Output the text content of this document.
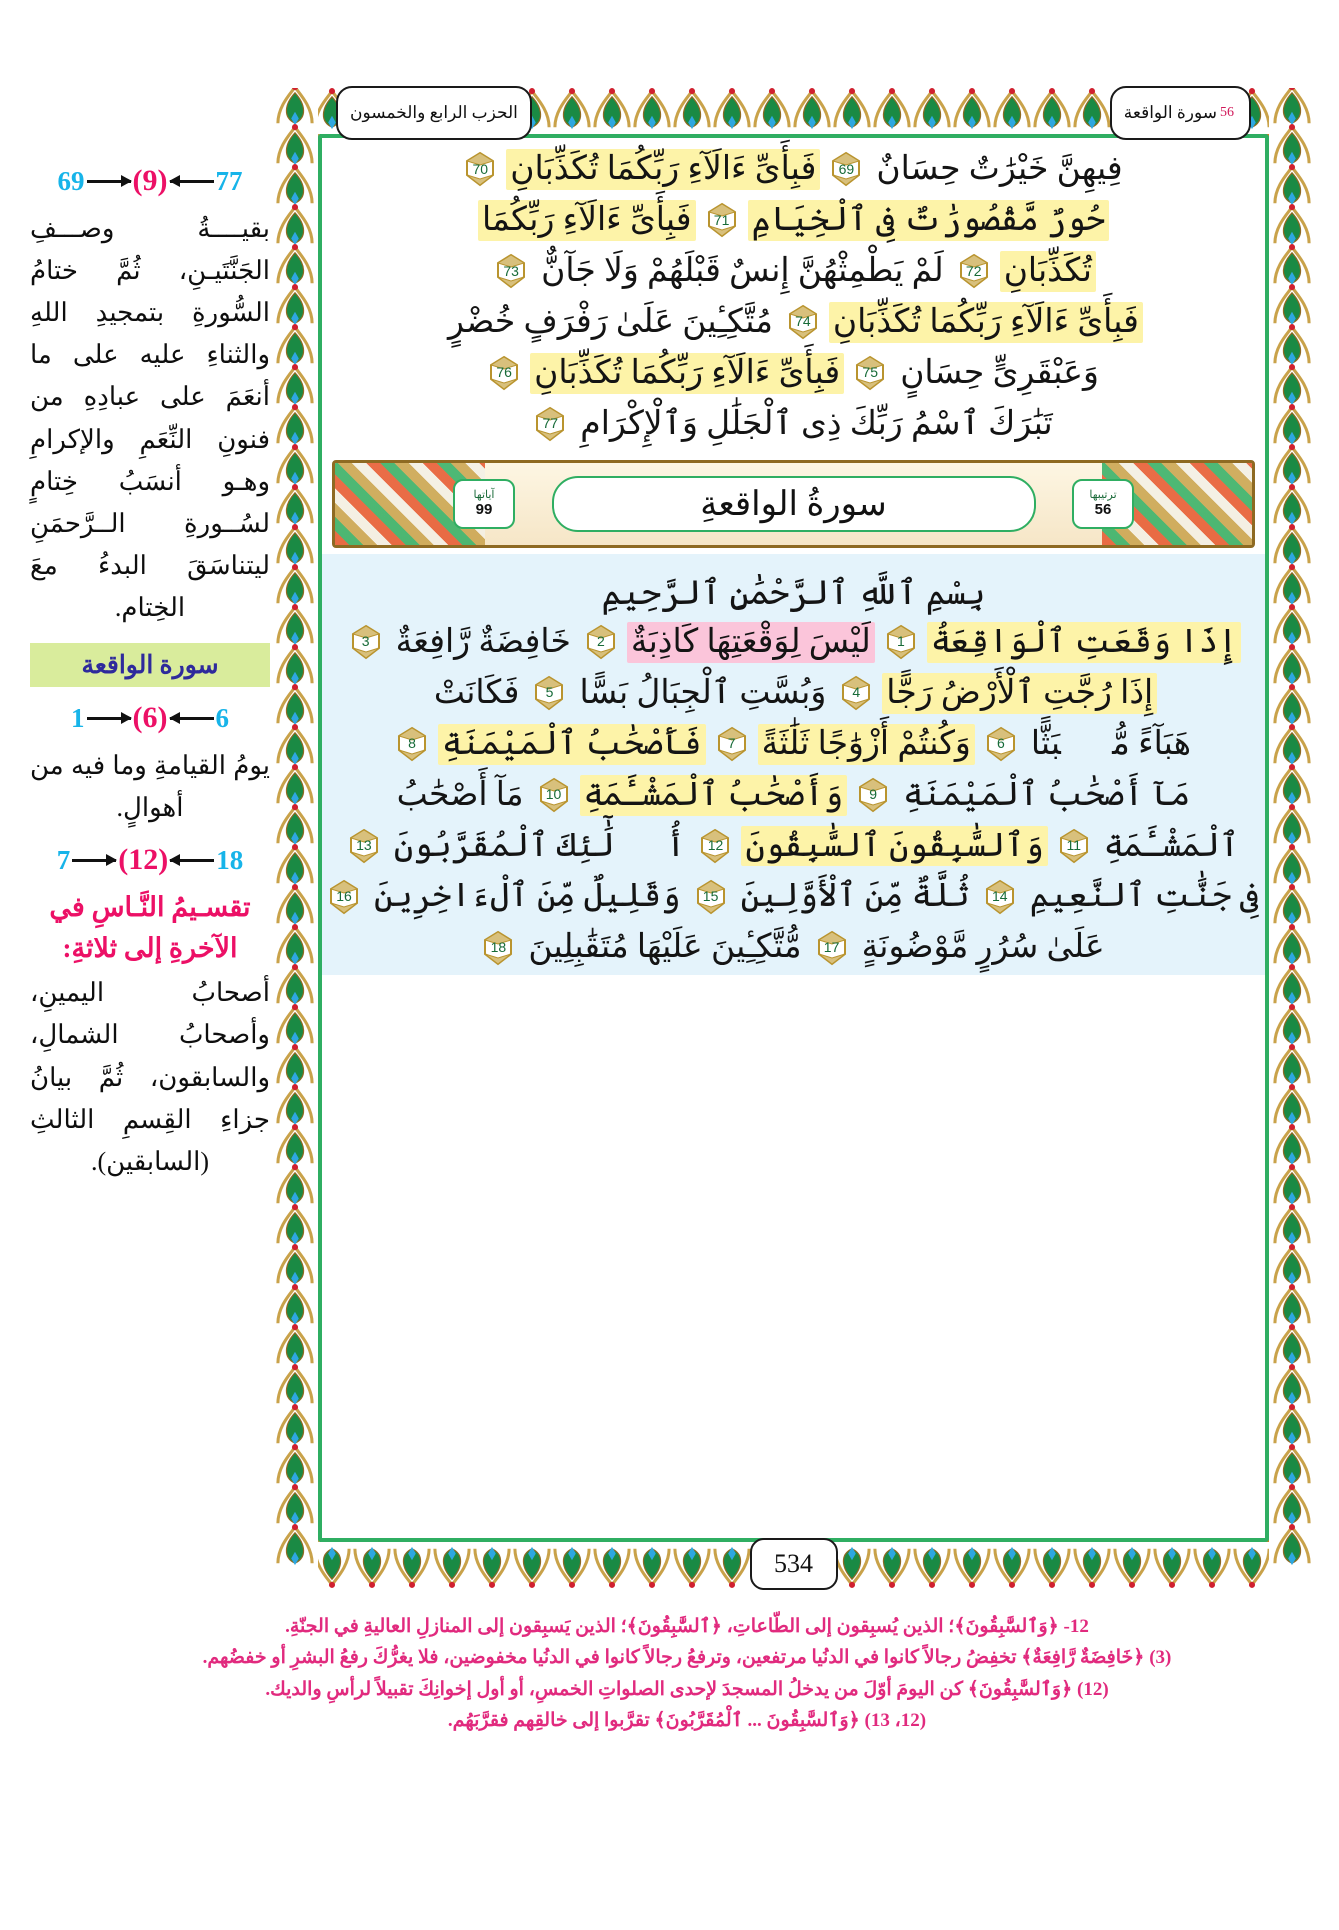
77
(9)
69

بقيــــةُ وصـــفِ الجَنَّتَيـنِ، ثُمَّ ختامُ السُّورةِ بتمجيدِ اللهِ والثناءِ عليه على ما أنعَمَ على عبادِهِ من فنونِ النِّعَمِ والإكرامِ وهـو أنسَبُ خِتامٍ لسُــورةِ الــرَّحمَنِ ليتناسَقَ البدءُ معَ الخِتام.

سورة الواقعة
6
(6)
1

يومُ القيامةِ وما فيه من أهوالٍ.

18
(12)
7
تقسـيمُ النَّـاسِ في الآخرةِ إلى ثلاثةِ:

أصحابُ اليمينِ، وأصحابُ الشمالِ، والسابقون، ثُمَّ بيانُ جزاءِ القِسمِ الثالثِ (السابقين).

الحزب الرابع والخمسون	56
سورة الواقعة
534
فِيهِنَّ خَيْرَٰتٌ حِسَانٌ
69
فَبِأَىِّ ءَالَآءِ رَبِّكُمَا تُكَذِّبَانِ
70
حُورٌ مَّقْصُورَٰتٌ فِى ٱلْخِيَامِ
71
فَبِأَىِّ ءَالَآءِ رَبِّكُمَا
تُكَذِّبَانِ
72
لَمْ يَطْمِثْهُنَّ إِنسٌ قَبْلَهُمْ وَلَا جَآنٌّ
73
فَبِأَىِّ ءَالَآءِ رَبِّكُمَا تُكَذِّبَانِ
74
مُتَّكِـِٔينَ عَلَىٰ رَفْرَفٍ خُضْرٍ
وَعَبْقَرِىٍّ حِسَانٍ
75
فَبِأَىِّ ءَالَآءِ رَبِّكُمَا تُكَذِّبَانِ
76
تَبَٰرَكَ ٱسْمُ رَبِّكَ ذِى ٱلْجَلَٰلِ وَٱلْإِكْرَامِ
77
ترتيبها
56
آياتها
99	سورةُ الواقعةِ
بِسْمِ ٱللَّهِ ٱلرَّحْمَٰنِ ٱلرَّحِيمِ
إِذَا وَقَعَتِ ٱلْوَاقِعَةُ
1
لَيْسَ لِوَقْعَتِهَا كَاذِبَةٌ
2
خَافِضَةٌ رَّافِعَةٌ
3
إِذَا رُجَّتِ ٱلْأَرْضُ رَجًّا
4
وَبُسَّتِ ٱلْجِبَالُ بَسًّا
5
فَكَانَتْ
هَبَآءً مُّنۢبَثًّا
6
وَكُنتُمْ أَزْوَٰجًا ثَلَٰثَةً
7
فَأَصْحَٰبُ ٱلْمَيْمَنَةِ
8
مَآ أَصْحَٰبُ ٱلْمَيْمَنَةِ
9
وَأَصْحَٰبُ ٱلْمَشْـَٔمَةِ
10
مَآ أَصْحَٰبُ
ٱلْمَشْـَٔمَةِ
11
وَٱلسَّٰبِقُونَ ٱلسَّٰبِقُونَ
12
أُو۟لَٰٓئِكَ ٱلْمُقَرَّبُونَ
13
فِى جَنَّٰتِ ٱلنَّعِيمِ
14
ثُلَّةٌ مِّنَ ٱلْأَوَّلِينَ
15
وَقَلِيلٌ مِّنَ ٱلْءَاخِرِينَ
16
عَلَىٰ سُرُرٍ مَّوْضُونَةٍ
17
مُّتَّكِـِٔينَ عَلَيْهَا مُتَقَٰبِلِينَ
18
12- ﴿وَٱلسَّٰبِقُونَ﴾؛ الذين يُسبِقون إلى الطّاعاتِ، ﴿ٱلسَّٰبِقُونَ﴾؛ الذين يَسبِقون إلى المنازلِ العاليةِ في الجنّةِ.
(3) ﴿خَافِضَةٌ رَّافِعَةٌ﴾ تخفِضُ رجالاً كانوا في الدنُيا مرتفعين، وترفعُ رجالاً كانوا في الدنُيا مخفوضين، فلا يغرُّكَ رفعُ البشرِ أو خفضُهم.
(12) ﴿وَٱلسَّٰبِقُونَ﴾ كن اليومَ أوّلَ من يدخلُ المسجدَ لإحدى الصلواتِ الخمسِ، أو أول إخوانِكَ تقبيلاً لرأسِ والديك.
(12، 13) ﴿وَٱلسَّٰبِقُونَ ... ٱلْمُقَرَّبُونَ﴾ تقرَّبوا إلى خالقِهم فقرَّبَهُم.
